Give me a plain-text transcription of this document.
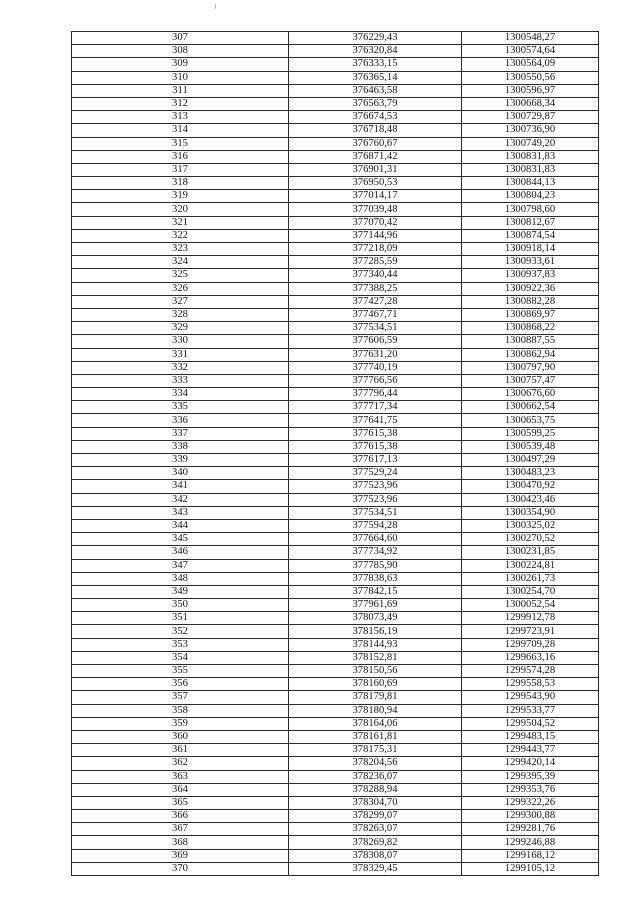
307	376229,43	1300548,27
308	376320,84	1300574,64
309	376333,15	1300564,09
310	376365,14	1300550,56
311	376463,58	1300596,97
312	376563,79	1300668,34
313	376674,53	1300729,87
314	376718,48	1300736,90
315	376760,67	1300749,20
316	376871,42	1300831,83
317	376901,31	1300831,83
318	376950,53	1300844,13
319	377014,17	1300804,23
320	377039,48	1300798,60
321	377070,42	1300812,67
322	377144,96	1300874,54
323	377218,09	1300918,14
324	377285,59	1300933,61
325	377340,44	1300937,83
326	377388,25	1300922,36
327	377427,28	1300882,28
328	377467,71	1300869,97
329	377534,51	1300868,22
330	377606,59	1300887,55
331	377631,20	1300862,94
332	377740,19	1300797,90
333	377766,56	1300757,47
334	377796,44	1300676,60
335	377717,34	1300662,54
336	377641,75	1300653,75
337	377615,38	1300599,25
338	377615,38	1300539,48
339	377617,13	1300497,29
340	377529,24	1300483,23
341	377523,96	1300470,92
342	377523,96	1300423,46
343	377534,51	1300354,90
344	377594,28	1300325,02
345	377664,60	1300270,52
346	377734,92	1300231,85
347	377785,90	1300224,81
348	377838,63	1300261,73
349	377842,15	1300254,70
350	377961,69	1300052,54
351	378073,49	1299912,78
352	378156,19	1299723,91
353	378144,93	1299709,28
354	378152,81	1299663,16
355	378150,56	1299574,28
356	378160,69	1299558,53
357	378179,81	1299543,90
358	378180,94	1299533,77
359	378164,06	1299504,52
360	378161,81	1299483,15
361	378175,31	1299443,77
362	378204,56	1299420,14
363	378236,07	1299395,39
364	378288,94	1299353,76
365	378304,70	1299322,26
366	378299,07	1299300,88
367	378263,07	1299281,76
368	378269,82	1299246,88
369	378308,07	1299168,12
370	378329,45	1299105,12
